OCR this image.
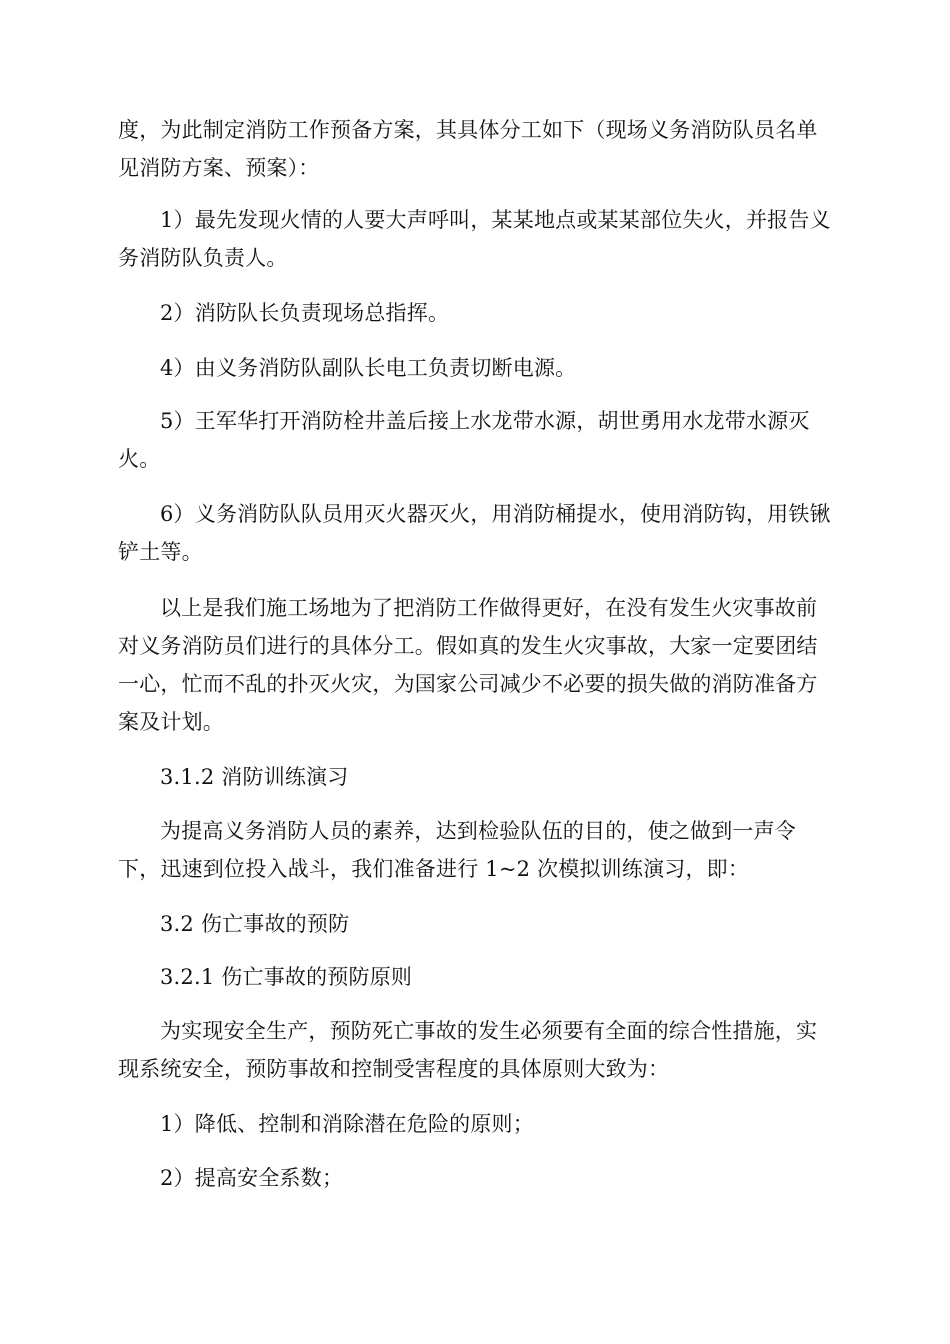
度，为此制定消防工作预备方案，其具体分工如下（现场义务消防队员名单见消防方案、预案）：

1）最先发现火情的人要大声呼叫，某某地点或某某部位失火，并报告义务消防队负责人。

2）消防队长负责现场总指挥。

4）由义务消防队副队长电工负责切断电源。

5）王军华打开消防栓井盖后接上水龙带水源，胡世勇用水龙带水源灭火。

6）义务消防队队员用灭火器灭火，用消防桶提水，使用消防钩，用铁锹铲土等。

以上是我们施工场地为了把消防工作做得更好，在没有发生火灾事故前对义务消防员们进行的具体分工。假如真的发生火灾事故，大家一定要团结一心，忙而不乱的扑灭火灾，为国家公司减少不必要的损失做的消防准备方案及计划。

3.1.2 消防训练演习

为提高义务消防人员的素养，达到检验队伍的目的，使之做到一声令下，迅速到位投入战斗，我们准备进行 1~2 次模拟训练演习，即：

3.2 伤亡事故的预防

3.2.1 伤亡事故的预防原则

为实现安全生产，预防死亡事故的发生必须要有全面的综合性措施，实现系统安全，预防事故和控制受害程度的具体原则大致为：

1）降低、控制和消除潜在危险的原则；

2）提高安全系数；
